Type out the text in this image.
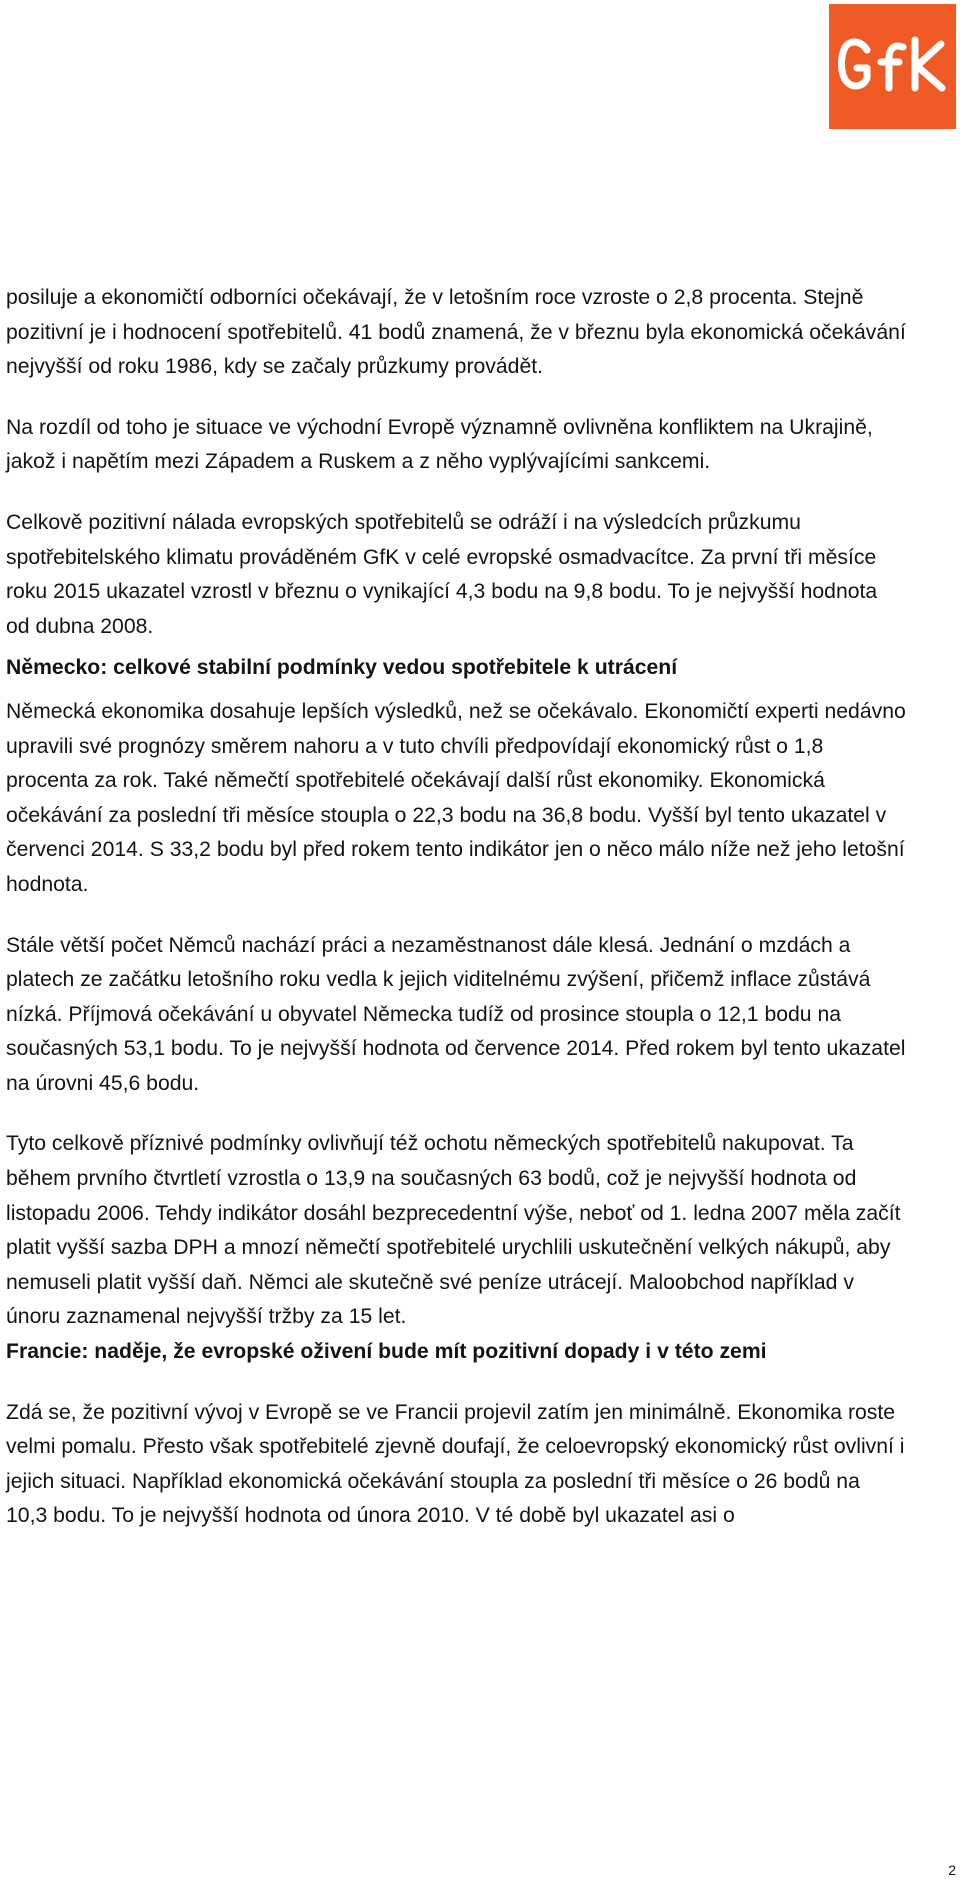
posiluje a ekonomičtí odborníci očekávají, že v letošním roce vzroste o 2,8 procenta. Stejně pozitivní je i hodnocení spotřebitelů. 41 bodů znamená, že v březnu byla ekonomická očekávání nejvyšší od roku 1986, kdy se začaly průzkumy provádět.

Na rozdíl od toho je situace ve východní Evropě významně ovlivněna konfliktem na Ukrajině, jakož i napětím mezi Západem a Ruskem a z něho vyplývajícími sankcemi.

Celkově pozitivní nálada evropských spotřebitelů se odráží i na výsledcích průzkumu spotřebitelského klimatu prováděném GfK v celé evropské osmadvacítce. Za první tři měsíce roku 2015 ukazatel vzrostl v březnu o vynikající 4,3 bodu na 9,8 bodu. To je nejvyšší hodnota od dubna 2008.

Německo: celkové stabilní podmínky vedou spotřebitele k utrácení

Německá ekonomika dosahuje lepších výsledků, než se očekávalo. Ekonomičtí experti nedávno upravili své prognózy směrem nahoru a v tuto chvíli předpovídají ekonomický růst o 1,8 procenta za rok. Také němečtí spotřebitelé očekávají další růst ekonomiky. Ekonomická očekávání za poslední tři měsíce stoupla o 22,3 bodu na 36,8 bodu. Vyšší byl tento ukazatel v červenci 2014. S 33,2 bodu byl před rokem tento indikátor jen o něco málo níže než jeho letošní hodnota.

Stále větší počet Němců nachází práci a nezaměstnanost dále klesá. Jednání o mzdách a platech ze začátku letošního roku vedla k jejich viditelnému zvýšení, přičemž inflace zůstává nízká. Příjmová očekávání u obyvatel Německa tudíž od prosince stoupla o 12,1 bodu na současných 53,1 bodu. To je nejvyšší hodnota od července 2014. Před rokem byl tento ukazatel na úrovni 45,6 bodu.

Tyto celkově příznivé podmínky ovlivňují též ochotu německých spotřebitelů nakupovat. Ta během prvního čtvrtletí vzrostla o 13,9 na současných 63 bodů, což je nejvyšší hodnota od listopadu 2006. Tehdy indikátor dosáhl bezprecedentní výše, neboť od 1. ledna 2007 měla začít platit vyšší sazba DPH a mnozí němečtí spotřebitelé urychlili uskutečnění velkých nákupů, aby nemuseli platit vyšší daň. Němci ale skutečně své peníze utrácejí. Maloobchod například v únoru zaznamenal nejvyšší tržby za 15 let.

Francie: naděje, že evropské oživení bude mít pozitivní dopady i v této zemi

Zdá se, že pozitivní vývoj v Evropě se ve Francii projevil zatím jen minimálně. Ekonomika roste velmi pomalu. Přesto však spotřebitelé zjevně doufají, že celoevropský ekonomický růst ovlivní i jejich situaci. Například ekonomická očekávání stoupla za poslední tři měsíce o 26 bodů na 10,3 bodu. To je nejvyšší hodnota od února 2010. V té době byl ukazatel asi o

2
